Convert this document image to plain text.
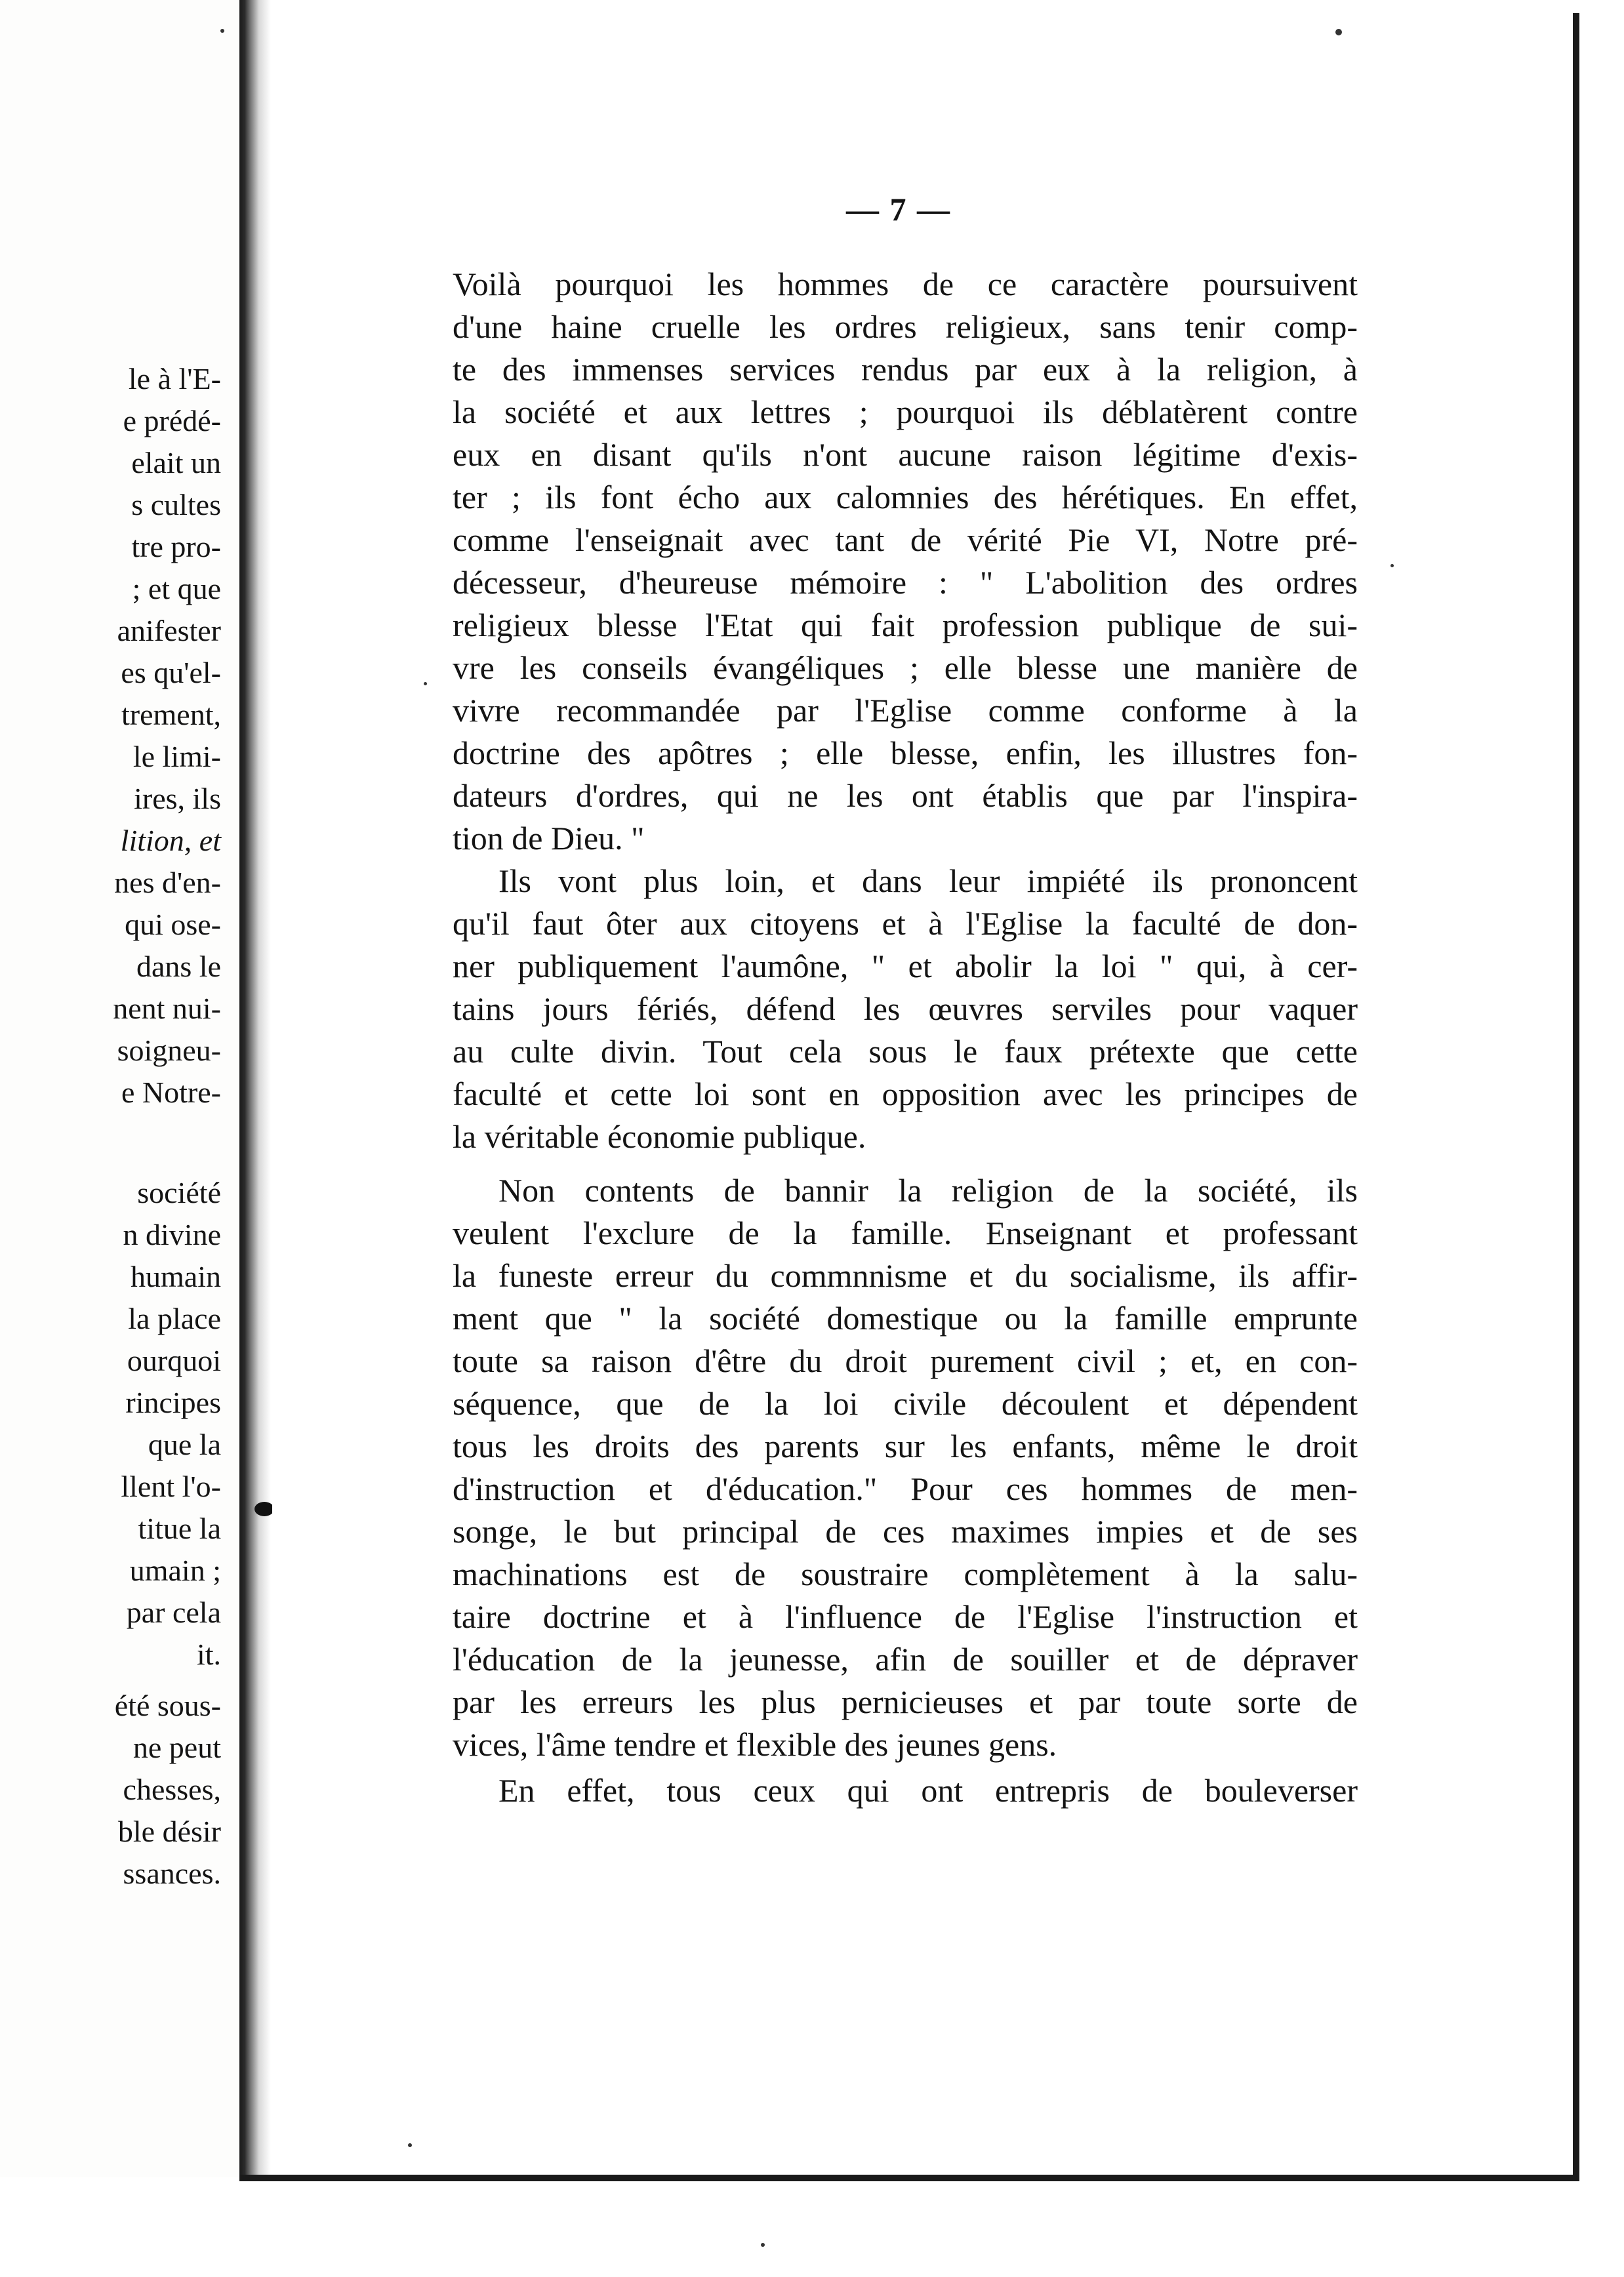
le à l'E-
e prédé-
elait un
s cultes
tre pro-
; et que
anifester
es qu'el-
trement,
le limi-
ires, ils
lition, et
nes d'en-
qui ose-
dans le
nent nui-
soigneu-
e Notre-
société
n divine
humain
la place
ourquoi
rincipes
que la
llent l'o-
titue la
umain ;
par cela
it.
été sous-
ne peut
chesses,
ble désir
ssances.
— 7 —
Voilà pourquoi les hommes de ce caractère poursuivent
d'une haine cruelle les ordres religieux, sans tenir comp-
te des immenses services rendus par eux à la religion, à
la société et aux lettres ; pourquoi ils déblatèrent contre
eux en disant qu'ils n'ont aucune raison légitime d'exis-
ter ; ils font écho aux calomnies des hérétiques. En effet,
comme l'enseignait avec tant de vérité Pie VI, Notre pré-
décesseur, d'heureuse mémoire : " L'abolition des ordres
religieux blesse l'Etat qui fait profession publique de sui-
vre les conseils évangéliques ; elle blesse une manière de
vivre recommandée par l'Eglise comme conforme à la
doctrine des apôtres ; elle blesse, enfin, les illustres fon-
dateurs d'ordres, qui ne les ont établis que par l'inspira-
tion de Dieu. "
Ils vont plus loin, et dans leur impiété ils prononcent
qu'il faut ôter aux citoyens et à l'Eglise la faculté de don-
ner publiquement l'aumône, " et abolir la loi " qui, à cer-
tains jours fériés, défend les œuvres serviles pour vaquer
au culte divin. Tout cela sous le faux prétexte que cette
faculté et cette loi sont en opposition avec les principes de
la véritable économie publique.
Non contents de bannir la religion de la société, ils
veulent l'exclure de la famille. Enseignant et professant
la funeste erreur du commnnisme et du socialisme, ils affir-
ment que " la société domestique ou la famille emprunte
toute sa raison d'être du droit purement civil ; et, en con-
séquence, que de la loi civile découlent et dépendent
tous les droits des parents sur les enfants, même le droit
d'instruction et d'éducation." Pour ces hommes de men-
songe, le but principal de ces maximes impies et de ses
machinations est de soustraire complètement à la salu-
taire doctrine et à l'influence de l'Eglise l'instruction et
l'éducation de la jeunesse, afin de souiller et de dépraver
par les erreurs les plus pernicieuses et par toute sorte de
vices, l'âme tendre et flexible des jeunes gens.
En effet, tous ceux qui ont entrepris de bouleverser
